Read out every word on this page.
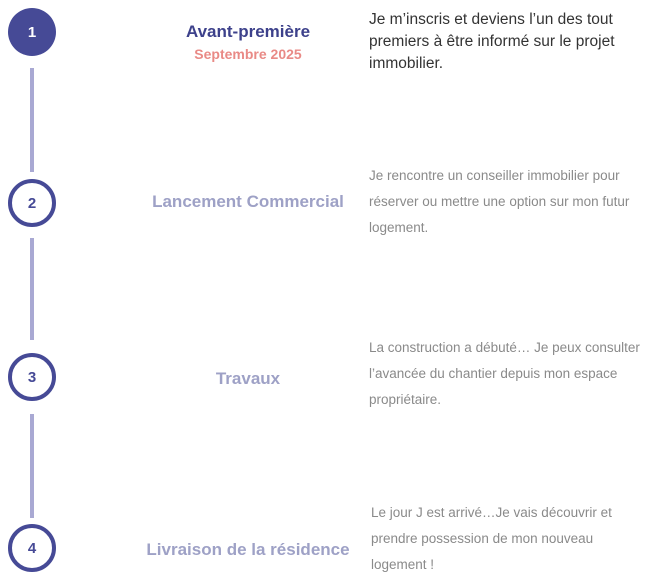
1	Avant-première
Septembre 2025
Je m’inscris et deviens l’un des tout premiers à être informé sur le projet immobilier.
2	Lancement Commercial
Je rencontre un conseiller immobilier pour réserver ou mettre une option sur mon futur logement.
3	Travaux
La construction a débuté… Je peux consulter l’avancée du chantier depuis mon espace propriétaire.
4	Livraison de la résidence
Le jour J est arrivé…Je vais découvrir et prendre possession de mon nouveau logement !
